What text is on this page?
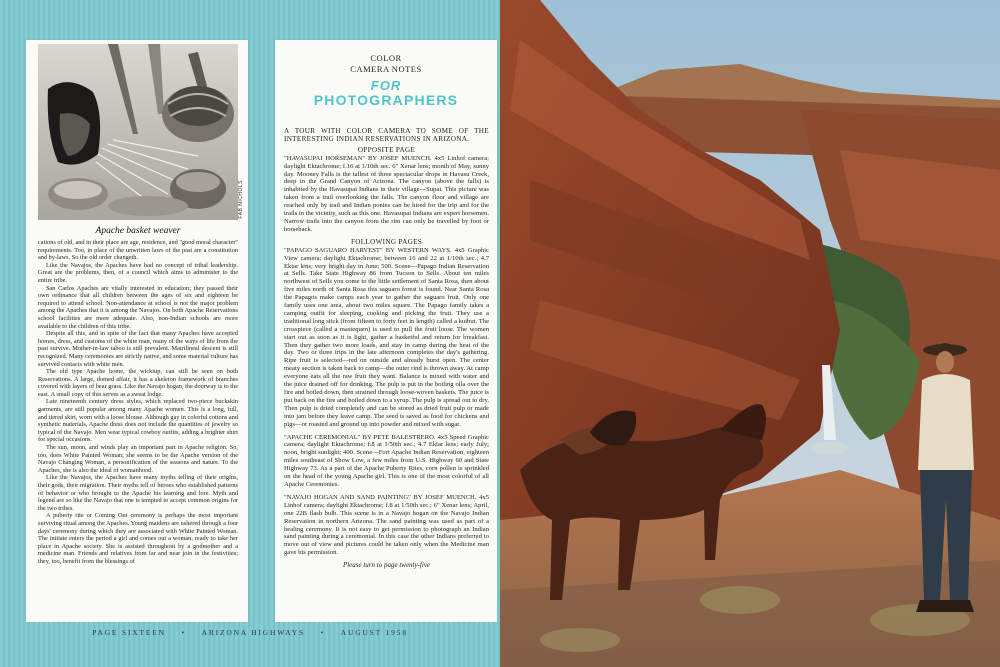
FAB NICHOLS
Apache basket weaver

cations of old, and in their place are age, residence, and "good moral character" requirements. Too, in place of the unwritten laws of the past are a constitution and by-laws. So the old order changeth.

Like the Navajos, the Apaches have had no concept of tribal leadership. Great are the problems, then, of a council which aims to administer to the entire tribe.

San Carlos Apaches are vitally interested in education; they passed their own ordinance that all children between the ages of six and eighteen be required to attend school. Non-attendance at school is not the major problem among the Apaches that it is among the Navajos. On both Apache Reservations school facilities are more adequate. Also, non-Indian schools are more available to the children of this tribe.

Despite all this, and in spite of the fact that many Apaches have accepted homes, dress, and customs of the white man, many of the ways of life from the past survive. Mother-in-law taboo is still prevalent. Matrilineal descent is still recognized. Many ceremonies are strictly native, and some material culture has survived contacts with white men.

The old type Apache home, the wickiup, can still be seen on both Reservations. A large, domed affair, it has a skeleton framework of branches covered with layers of bear grass. Like the Navajo hogan, the doorway is to the east. A small copy of this serves as a sweat lodge.

Late nineteenth century dress styles, which replaced two-piece buckskin garments, are still popular among many Apache women. This is a long, full, and tiered skirt, worn with a loose blouse. Although gay in colorful cottons and synthetic materials, Apache dress does not include the quantities of jewelry so typical of the Navajo. Men wear typical cowboy outfits, adding a brighter shirt for special occasions.

The sun, moon, and winds play an important part in Apache religion. So, too, does White Painted Woman; she seems to be the Apache version of the Navajo Changing Woman, a personification of the seasons and nature. To the Apaches, she is also the ideal of womanhood.

Like the Navajos, the Apaches have many myths telling of their origins, their gods, their migration. Their myths tell of heroes who established patterns of behavior or who brought to the Apache his learning and lore. Myth and legend are so like the Navajo that one is tempted to accept common origins for the two tribes.

A puberty rite or Coming Out ceremony is perhaps the most important surviving ritual among the Apaches. Young maidens are ushered through a four days' ceremony during which they are associated with White Painted Woman. The initiate enters the period a girl and comes out a woman, ready to take her place in Apache society. She is assisted throughout by a godmother and a medicine man. Friends and relatives from far and near join in the festivities; they, too, benefit from the blessings of

COLOR
CAMERA NOTES
FOR
PHOTOGRAPHERS

A TOUR WITH COLOR CAMERA TO SOME OF THE INTERESTING INDIAN RESERVATIONS IN ARIZONA.

OPPOSITE PAGE

"HAVASUPAI HORSEMAN" BY JOSEF MUENCH. 4x5 Linhof camera; daylight Ektachrome; f.16 at 1/10th sec. 6" Xenar lens; month of May, sunny day. Mooney Falls is the tallest of three spectacular drops in Havasu Creek, deep in the Grand Canyon of Arizona. The canyon (above the falls) is inhabited by the Havasupai Indians in their village—Supai. This picture was taken from a trail overlooking the falls. The canyon floor and village are reached only by trail and Indian ponies can be hired for the trip and for the trails in the vicinity, such as this one. Havasupai Indians are expert horsemen. Narrow trails into the canyon from the rim can only be travelled by foot or horseback.

FOLLOWING PAGES

"PAPAGO SAGUARO HARVEST" BY WESTERN WAYS. 4x5 Graphic View camera; daylight Ektachrome; between 16 and 22 at 1/10th sec.; 4.7 Ektar lens; very bright day in June; 500. Scene—Papago Indian Reservation at Sells. Take State Highway 86 from Tucson to Sells. About ten miles northwest of Sells you come to the little settlement of Santa Rosa, then about five miles north of Santa Rosa this saguaro forest is found. Near Santa Rosa the Papagos make camps each year to gather the saguaro fruit. Only one family uses one area, about two miles square. The Papago family takes a camping outfit for sleeping, cooking and picking the fruit. They use a traditional long stick (from fifteen to forty feet in length) called a kuibut. The crosspiece (called a mastequen) is used to pull the fruit loose. The women start out as soon as it is light, gather a basketful and return for breakfast. Then they gather two more loads, and stay in camp during the heat of the day. Two or three trips in the late afternoon completes the day's gathering. Ripe fruit is selected—red on outside and already burst open. The center meaty section is taken back to camp—the outer rind is thrown away. At camp everyone eats all the raw fruit they want. Balance is mixed with water and the juice drained off for drinking. The pulp is put in the boiling olla over the fire and boiled down, then strained through loose-woven baskets. The juice is put back on the fire and boiled down to a syrup. The pulp is spread out to dry. Then pulp is dried completely and can be stored as dried fruit pulp or made into jam before they leave camp. The seed is saved as food for chickens and pigs—or roasted and ground up into powder and mixed with sugar.

"APACHE CEREMONIAL" BY PETE BALESTRERO. 4x5 Speed Graphic camera; daylight Ektachrome; f.8 at 1/50th sec.; 4.7 Ektar lens; early July; noon, bright sunlight; 400. Scene—Fort Apache Indian Reservation, eighteen miles southeast of Show Low, a few miles from U.S. Highway 60 and State Highway 73. As a part of the Apache Puberty Rites, corn pollen is sprinkled on the head of the young Apache girl. This is one of the most colorful of all Apache Ceremonies.

"NAVAJO HOGAN AND SAND PAINTING" BY JOSEF MUENCH. 4x5 Linhof camera; daylight Ektachrome; f.8 at 1/50th sec.; 6" Xenar lens; April, one 22B flash bulb. This scene is in a Navajo hogan on the Navajo Indian Reservation in northern Arizona. The sand painting was used as part of a healing ceremony. It is not easy to get permission to photograph an Indian sand painting during a ceremonial. In this case the other Indians preferred to move out of view and pictures could be taken only when the Medicine man gave his permission.

Please turn to page twenty-five

PAGE SIXTEEN • ARIZONA HIGHWAYS • AUGUST 1958
